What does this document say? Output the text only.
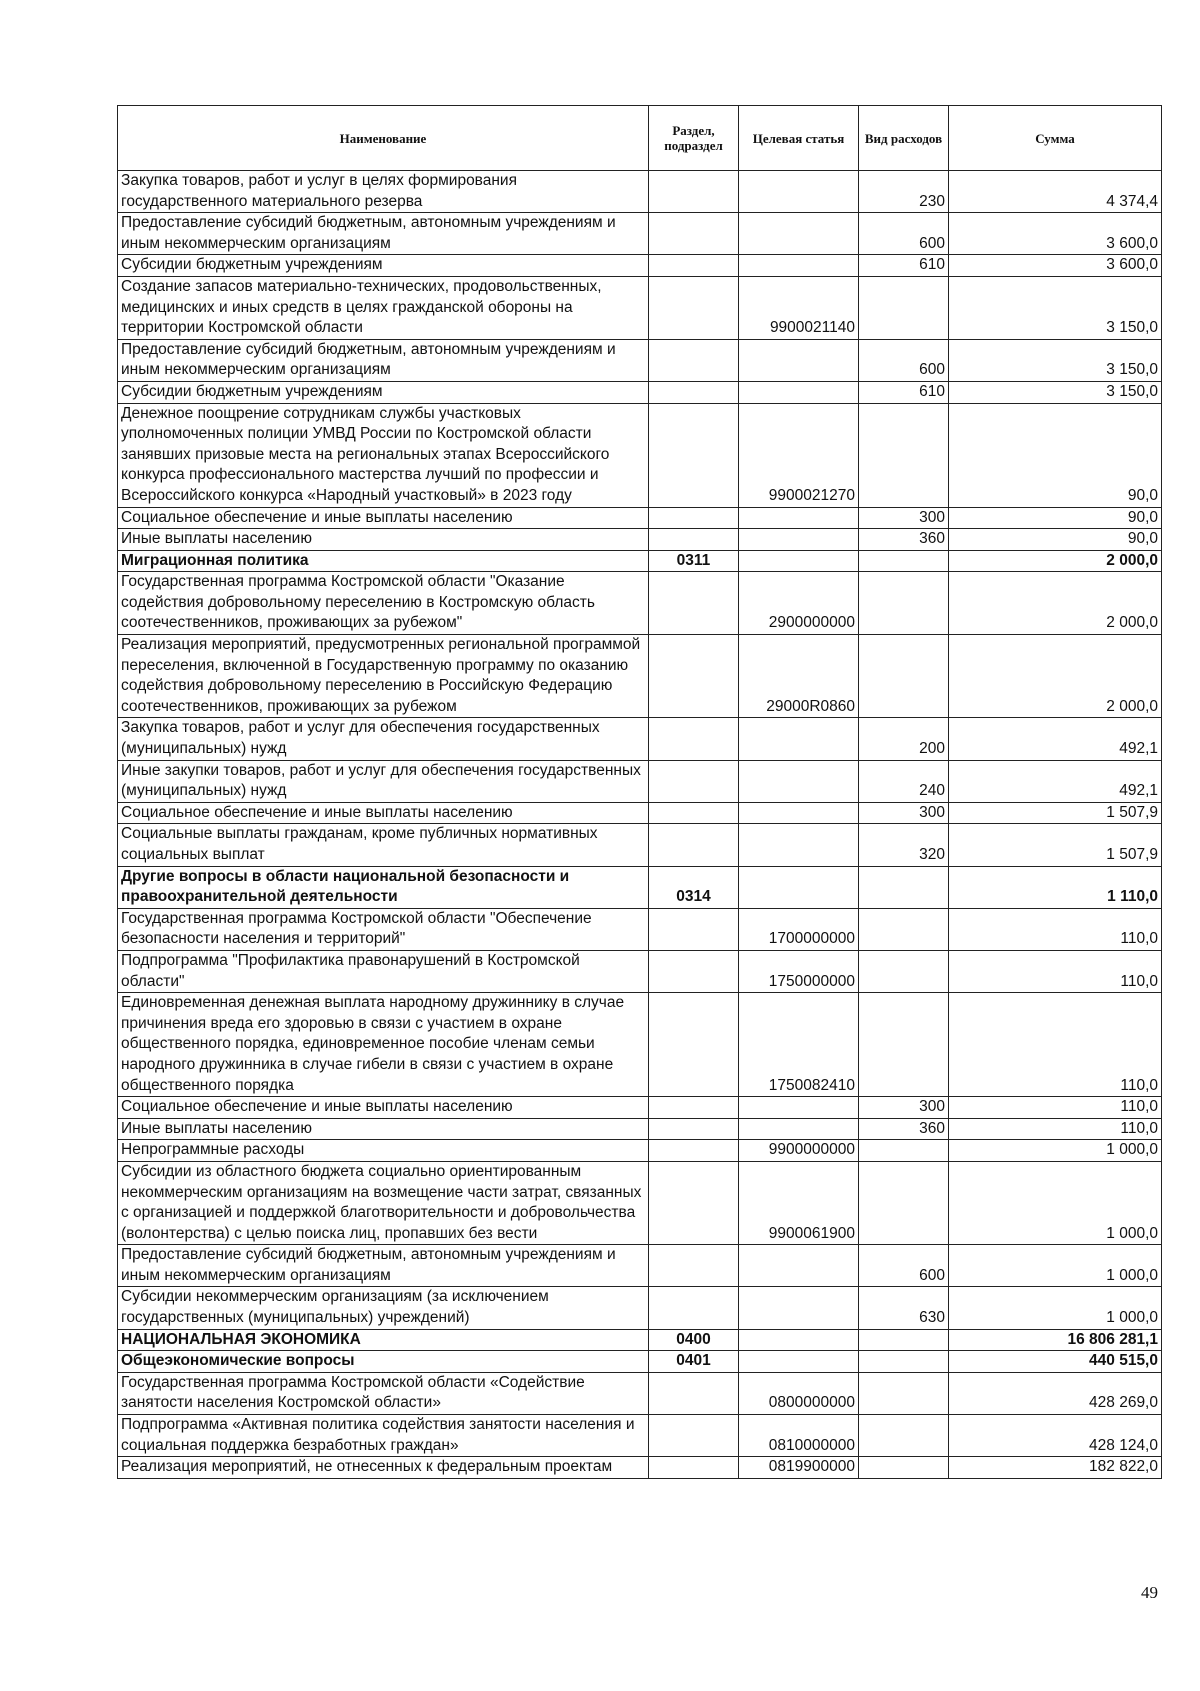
Наименование	Раздел, подраздел	Целевая статья	Вид расходов	Сумма
Закупка товаров, работ и услуг в целях формирования государственного материального резерва			230	4 374,4
Предоставление субсидий бюджетным, автономным учреждениям и иным некоммерческим организациям			600	3 600,0
Субсидии бюджетным учреждениям			610	3 600,0
Создание запасов материально-технических, продовольственных, медицинских и иных средств в целях гражданской обороны на территории Костромской области		9900021140		3 150,0
Предоставление субсидий бюджетным, автономным учреждениям и иным некоммерческим организациям			600	3 150,0
Субсидии бюджетным учреждениям			610	3 150,0
Денежное поощрение сотрудникам службы участковых уполномоченных полиции УМВД России по Костромской области занявших призовые места на региональных этапах Всероссийского конкурса профессионального мастерства лучший по профессии и Всероссийского конкурса «Народный участковый» в 2023 году		9900021270		90,0
Социальное обеспечение и иные выплаты населению			300	90,0
Иные выплаты населению			360	90,0
Миграционная политика	0311			2 000,0
Государственная программа Костромской области "Оказание содействия добровольному переселению в Костромскую область соотечественников, проживающих за рубежом"		2900000000		2 000,0
Реализация мероприятий, предусмотренных региональной программой переселения, включенной в Государственную программу по оказанию содействия добровольному переселению в Российскую Федерацию соотечественников, проживающих за рубежом		29000R0860		2 000,0
Закупка товаров, работ и услуг для обеспечения государственных (муниципальных) нужд			200	492,1
Иные закупки товаров, работ и услуг для обеспечения государственных (муниципальных) нужд			240	492,1
Социальное обеспечение и иные выплаты населению			300	1 507,9
Социальные выплаты гражданам, кроме публичных нормативных социальных выплат			320	1 507,9
Другие вопросы в области национальной безопасности и правоохранительной деятельности	0314			1 110,0
Государственная программа Костромской области "Обеспечение безопасности населения и территорий"		1700000000		110,0
Подпрограмма "Профилактика правонарушений в Костромской области"		1750000000		110,0
Единовременная денежная выплата народному дружиннику в случае причинения вреда его здоровью в связи с участием в охране общественного порядка, единовременное пособие членам семьи народного дружинника в случае гибели в связи с участием в охране общественного порядка		1750082410		110,0
Социальное обеспечение и иные выплаты населению			300	110,0
Иные выплаты населению			360	110,0
Непрограммные расходы		9900000000		1 000,0
Субсидии из областного бюджета социально ориентированным некоммерческим организациям на возмещение части затрат, связанных с организацией и поддержкой благотворительности и добровольчества (волонтерства) с целью поиска лиц, пропавших без вести		9900061900		1 000,0
Предоставление субсидий бюджетным, автономным учреждениям и иным некоммерческим организациям			600	1 000,0
Субсидии некоммерческим организациям (за исключением государственных (муниципальных) учреждений)			630	1 000,0
НАЦИОНАЛЬНАЯ ЭКОНОМИКА	0400			16 806 281,1
Общеэкономические вопросы	0401			440 515,0
Государственная программа Костромской области «Содействие занятости населения Костромской области»		0800000000		428 269,0
Подпрограмма «Активная политика содействия занятости населения и социальная поддержка безработных граждан»		0810000000		428 124,0
Реализация мероприятий, не отнесенных к федеральным проектам		0819900000		182 822,0
49
